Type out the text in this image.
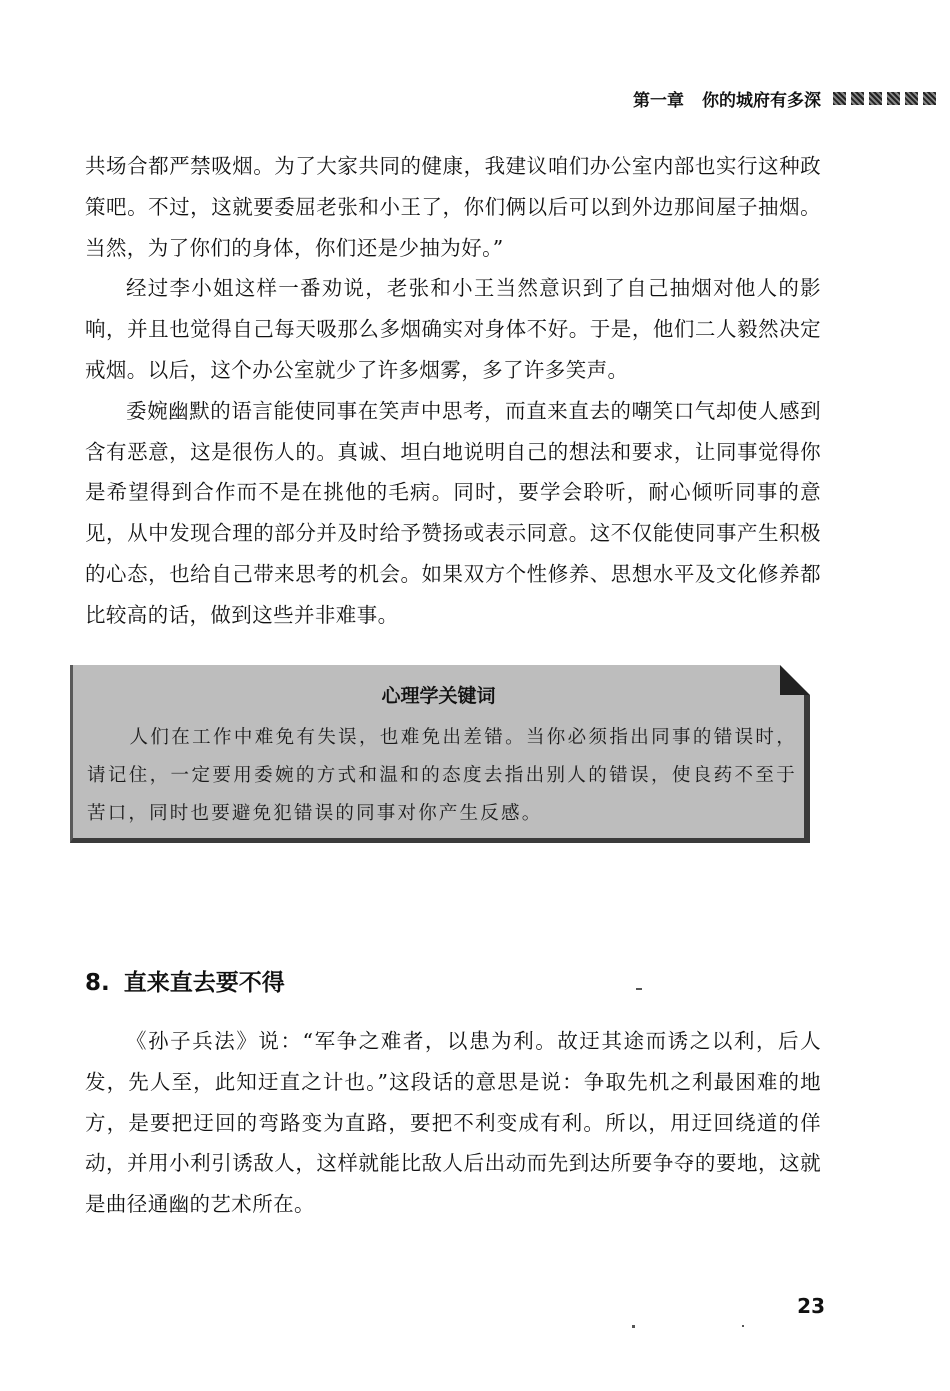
第一章 你的城府有多深

共场合都严禁吸烟。为了大家共同的健康，我建议咱们办公室内部也实行这种政策吧。不过，这就要委屈老张和小王了，你们俩以后可以到外边那间屋子抽烟。当然，为了你们的身体，你们还是少抽为好。”

经过李小姐这样一番劝说，老张和小王当然意识到了自己抽烟对他人的影响，并且也觉得自己每天吸那么多烟确实对身体不好。于是，他们二人毅然决定戒烟。以后，这个办公室就少了许多烟雾，多了许多笑声。

委婉幽默的语言能使同事在笑声中思考，而直来直去的嘲笑口气却使人感到含有恶意，这是很伤人的。真诚、坦白地说明自己的想法和要求，让同事觉得你是希望得到合作而不是在挑他的毛病。同时，要学会聆听，耐心倾听同事的意见，从中发现合理的部分并及时给予赞扬或表示同意。这不仅能使同事产生积极的心态，也给自己带来思考的机会。如果双方个性修养、思想水平及文化修养都比较高的话，做到这些并非难事。

心理学关键词
人们在工作中难免有失误，也难免出差错。当你必须指出同事的错误时，请记住，一定要用委婉的方式和温和的态度去指出别人的错误，使良药不至于苦口，同时也要避免犯错误的同事对你产生反感。
8. 直来直去要不得

《孙子兵法》说：“军争之难者，以患为利。故迂其途而诱之以利，后人发，先人至，此知迂直之计也。”这段话的意思是说：争取先机之利最困难的地方，是要把迂回的弯路变为直路，要把不利变成有利。所以，用迂回绕道的佯动，并用小利引诱敌人，这样就能比敌人后出动而先到达所要争夺的要地，这就是曲径通幽的艺术所在。

23
